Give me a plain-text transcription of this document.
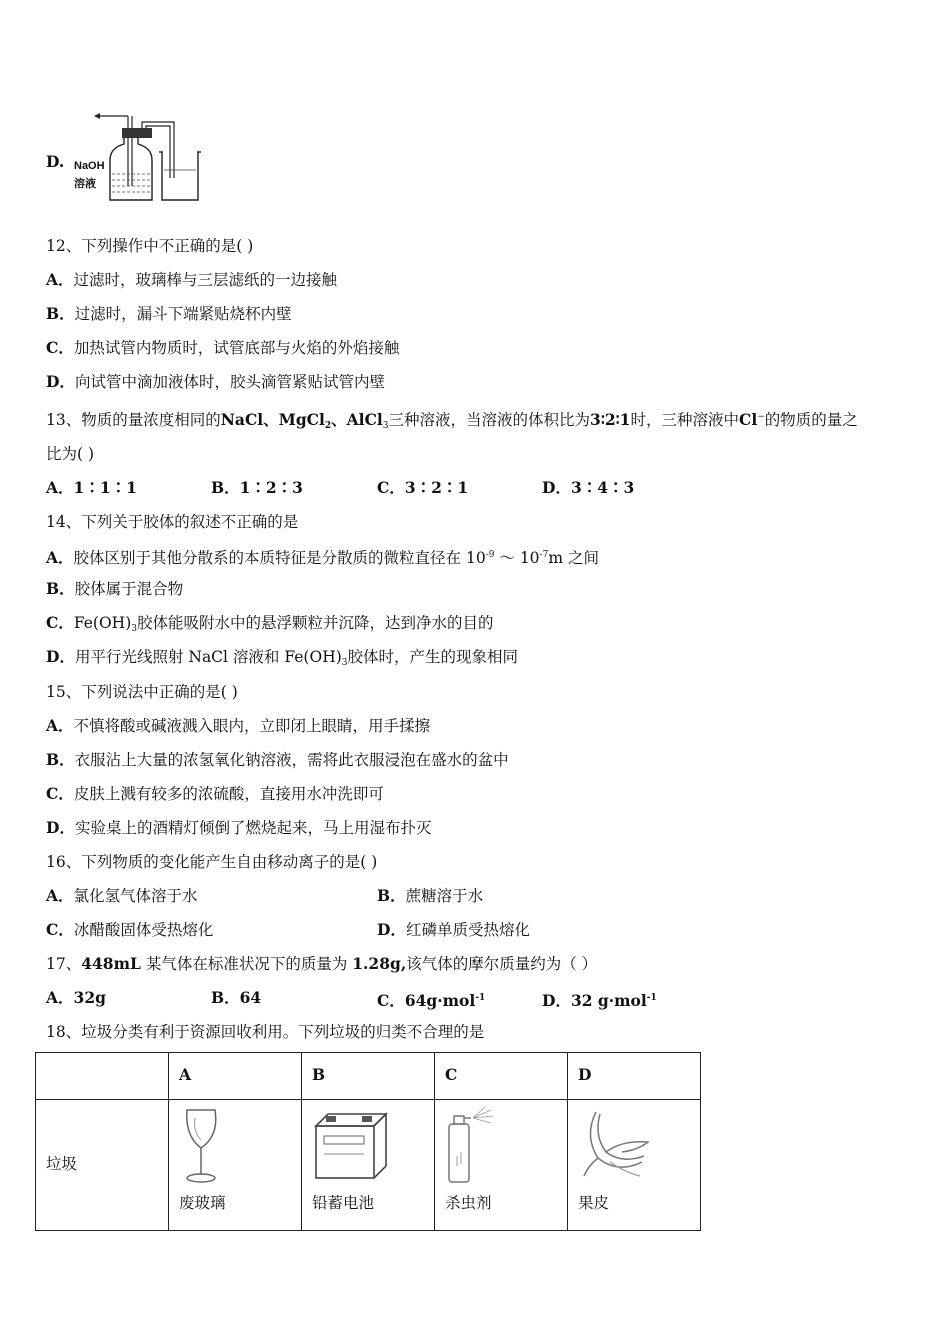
D. NaOH
溶液
12、下列操作中不正确的是( )
A．过滤时，玻璃棒与三层滤纸的一边接触
B．过滤时，漏斗下端紧贴烧杯内壁
C．加热试管内物质时，试管底部与火焰的外焰接触
D．向试管中滴加液体时，胶头滴管紧贴试管内壁
13、物质的量浓度相同的NaCl、MgCl$_2$、AlCl$_3$三种溶液，当溶液的体积比为3∶2∶1时，三种溶液中Cl−的物质的量之
比为( )
A．1∶1∶1	B．1∶2∶3	C．3∶2∶1	D．3∶4∶3
14、下列关于胶体的叙述不正确的是
A．胶体区别于其他分散系的本质特征是分散质的微粒直径在 $10^{-9}$ ～ $10^{-7}m$ 之间
B．胶体属于混合物
C．$Fe(OH)_3$胶体能吸附水中的悬浮颗粒并沉降，达到净水的目的
D．用平行光线照射 NaCl 溶液和 $Fe(OH)_3$胶体时，产生的现象相同
15、下列说法中正确的是( )
A．不慎将酸或碱液溅入眼内，立即闭上眼睛，用手揉擦
B．衣服沾上大量的浓氢氧化钠溶液，需将此衣服浸泡在盛水的盆中
C．皮肤上溅有较多的浓硫酸，直接用水冲洗即可
D．实验桌上的酒精灯倾倒了燃烧起来，马上用湿布扑灭
16、下列物质的变化能产生自由移动离子的是( )
A．氯化氢气体溶于水	B．蔗糖溶于水
C．冰醋酸固体受热熔化	D．红磷单质受热熔化
17、448mL 某气体在标准状况下的质量为 1.28g,该气体的摩尔质量约为（ ）
A．32g	B．64	C．64g·mol$^{-1}$	D．32 g·mol$^{-1}$
18、垃圾分类有利于资源回收利用。下列垃圾的归类不合理的是

	A	B	C	D

垃圾	废玻璃	铅蓄电池	杀虫剂	果皮
